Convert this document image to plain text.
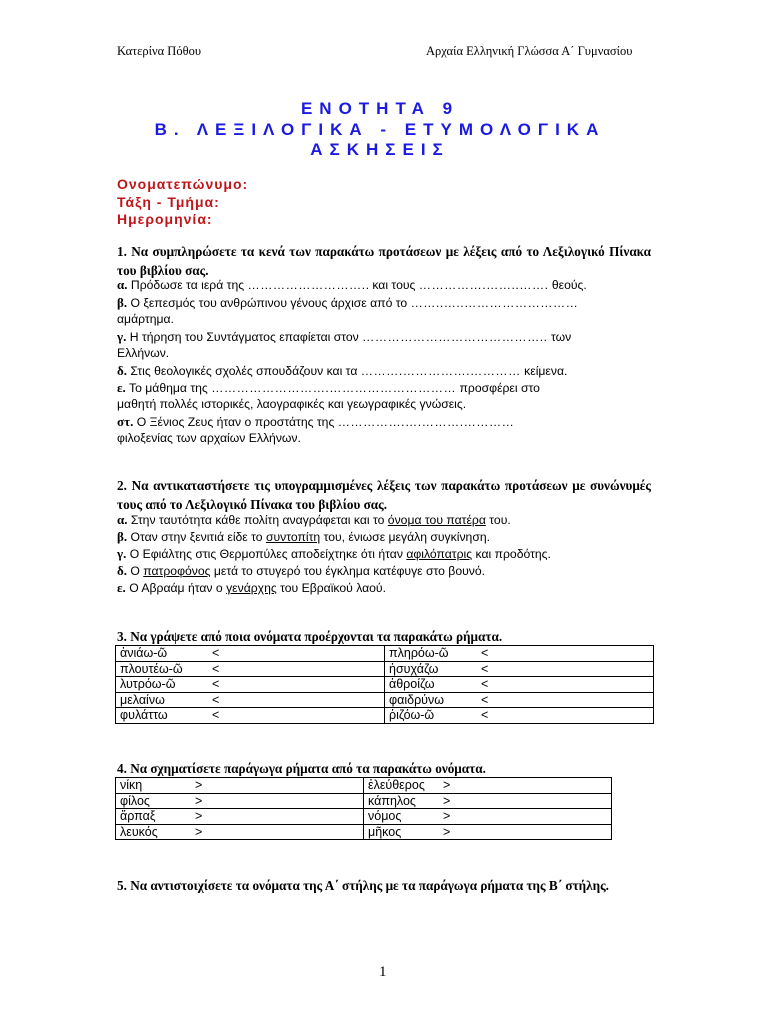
Κατερίνα Πόθου	Αρχαία Ελληνική Γλώσσα Α΄ Γυμνασίου
ΕΝΟΤΗΤΑ 9
Β. ΛΕΞΙΛΟΓΙΚΑ - ΕΤΥΜΟΛΟΓΙΚΑ
ΑΣΚΗΣΕΙΣ
Ονοματεπώνυμο:
Τάξη - Τμήμα:
Ημερομηνία:
1. Να συμπληρώσετε τα κενά των παρακάτω προτάσεων με λέξεις από το Λεξιλογικό Πίνακα του βιβλίου σας.
α. Πρόδωσε τα ιερά της ……………………….. και τους …………….……..……. θεούς.
β. Ο ξεπεσμός του ανθρώπινου γένους άρχισε από το ……..…..………………………
αμάρτημα.
γ. Η τήρηση του Συντάγματος επαφίεται στον …………………………………….. των
Ελλήνων.
δ. Στις θεολογικές σχολές σπουδάζουν και τα ……….…………….………… κείμενα.
ε. Το μάθημα της ……………………….………………………… προσφέρει στο
μαθητή πολλές ιστορικές, λαογραφικές και γεωγραφικές γνώσεις.
στ. Ο Ξένιος Ζευς ήταν ο προστάτης της …………….….……….…………
φιλοξενίας των αρχαίων Ελλήνων.
2. Να αντικαταστήσετε τις υπογραμμισμένες λέξεις των παρακάτω προτάσεων με συνώνυμές τους από το Λεξιλογικό Πίνακα του βιβλίου σας.
α. Στην ταυτότητα κάθε πολίτη αναγράφεται και το όνομα του πατέρα του.
β. Οταν στην ξενιτιά είδε το συντοπίτη του, ένιωσε μεγάλη συγκίνηση.
γ. Ο Εφιάλτης στις Θερμοπύλες αποδείχτηκε ότι ήταν αφιλόπατρις και προδότης.
δ. Ο πατροφόνος μετά το στυγερό του έγκλημα κατέφυγε στο βουνό.
ε. Ο Αβραάμ ήταν ο γενάρχης του Εβραϊκού λαού.
3. Να γράψετε από ποια ονόματα προέρχονται τα παρακάτω ρήματα.
ἀνιάω-ῶ <	πληρόω-ῶ <
πλουτέω-ῶ <	ἡσυχάζω <
λυτρόω-ῶ <	ἀθροίζω <
μελαίνω <	φαιδρύνω <
φυλάττω <	ῥιζόω-ῶ <
4. Να σχηματίσετε παράγωγα ρήματα από τα παρακάτω ονόματα.
νίκη >	ἐλεύθερος >
φίλος >	κάπηλος >
ἅρπαξ >	νόμος >
λευκός >	μῆκος >
5. Να αντιστοιχίσετε τα ονόματα της Α΄ στήλης με τα παράγωγα ρήματα της Β΄ στήλης.
1
